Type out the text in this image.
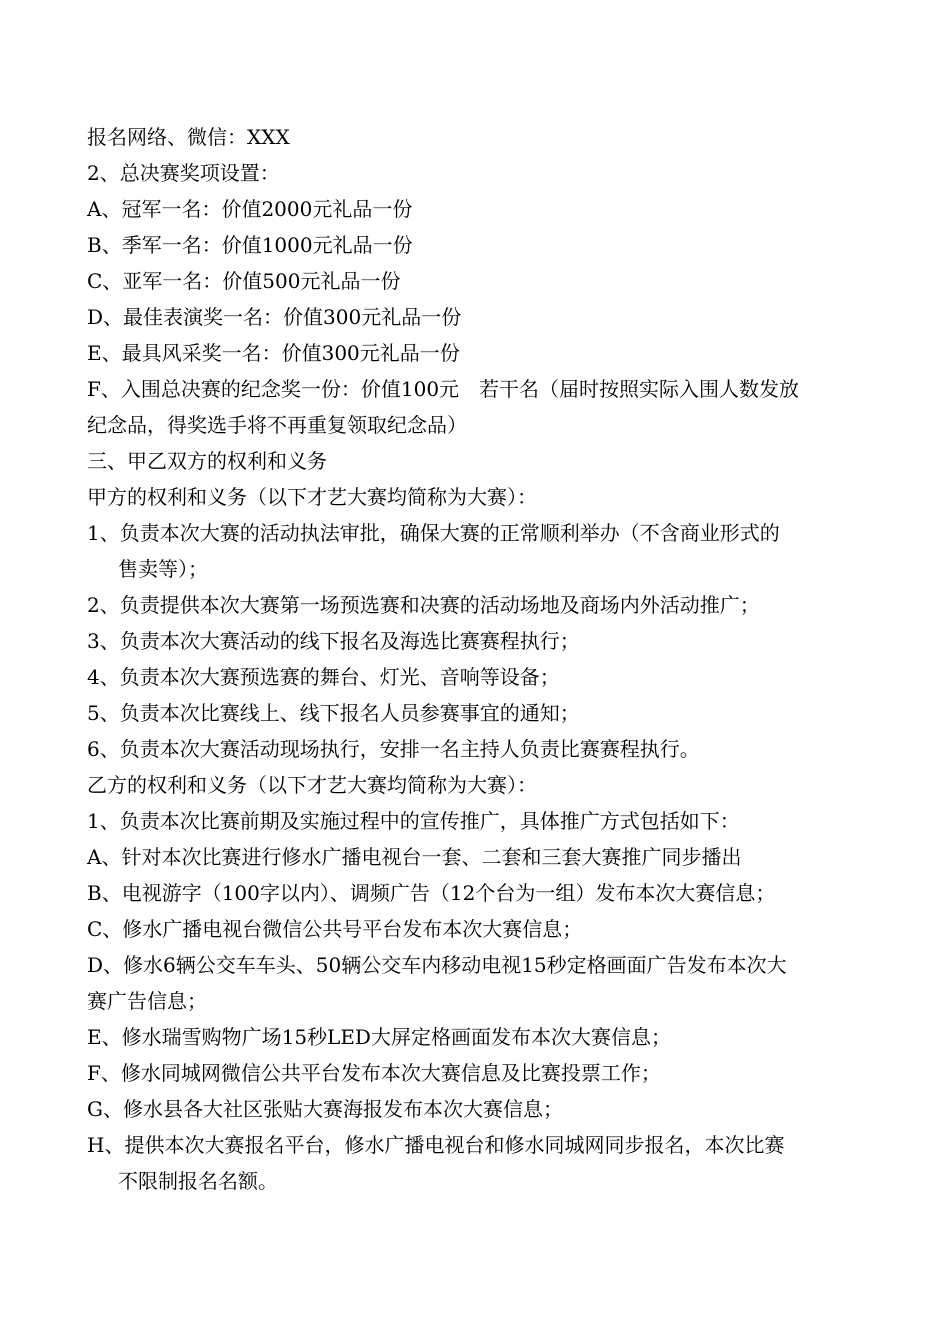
报名网络、微信：XXX
2、总决赛奖项设置：
A、冠军一名：价值2000元礼品一份
B、季军一名：价值1000元礼品一份
C、亚军一名：价值500元礼品一份
D、最佳表演奖一名：价值300元礼品一份
E、最具风采奖一名：价值300元礼品一份
F、入围总决赛的纪念奖一份：价值100元　若干名（届时按照实际入围人数发放
纪念品，得奖选手将不再重复领取纪念品）
三、甲乙双方的权利和义务
甲方的权利和义务（以下才艺大赛均简称为大赛）：
1、负责本次大赛的活动执法审批，确保大赛的正常顺利举办（不含商业形式的
售卖等）；
2、负责提供本次大赛第一场预选赛和决赛的活动场地及商场内外活动推广；
3、负责本次大赛活动的线下报名及海选比赛赛程执行；
4、负责本次大赛预选赛的舞台、灯光、音响等设备；
5、负责本次比赛线上、线下报名人员参赛事宜的通知；
6、负责本次大赛活动现场执行，安排一名主持人负责比赛赛程执行。
乙方的权利和义务（以下才艺大赛均简称为大赛）：
1、负责本次比赛前期及实施过程中的宣传推广，具体推广方式包括如下：
A、针对本次比赛进行修水广播电视台一套、二套和三套大赛推广同步播出
B、电视游字（100字以内）、调频广告（12个台为一组）发布本次大赛信息；
C、修水广播电视台微信公共号平台发布本次大赛信息；
D、修水6辆公交车车头、50辆公交车内移动电视15秒定格画面广告发布本次大
赛广告信息；
E、修水瑞雪购物广场15秒LED大屏定格画面发布本次大赛信息；
F、修水同城网微信公共平台发布本次大赛信息及比赛投票工作；
G、修水县各大社区张贴大赛海报发布本次大赛信息；
H、提供本次大赛报名平台，修水广播电视台和修水同城网同步报名，本次比赛
不限制报名名额。
